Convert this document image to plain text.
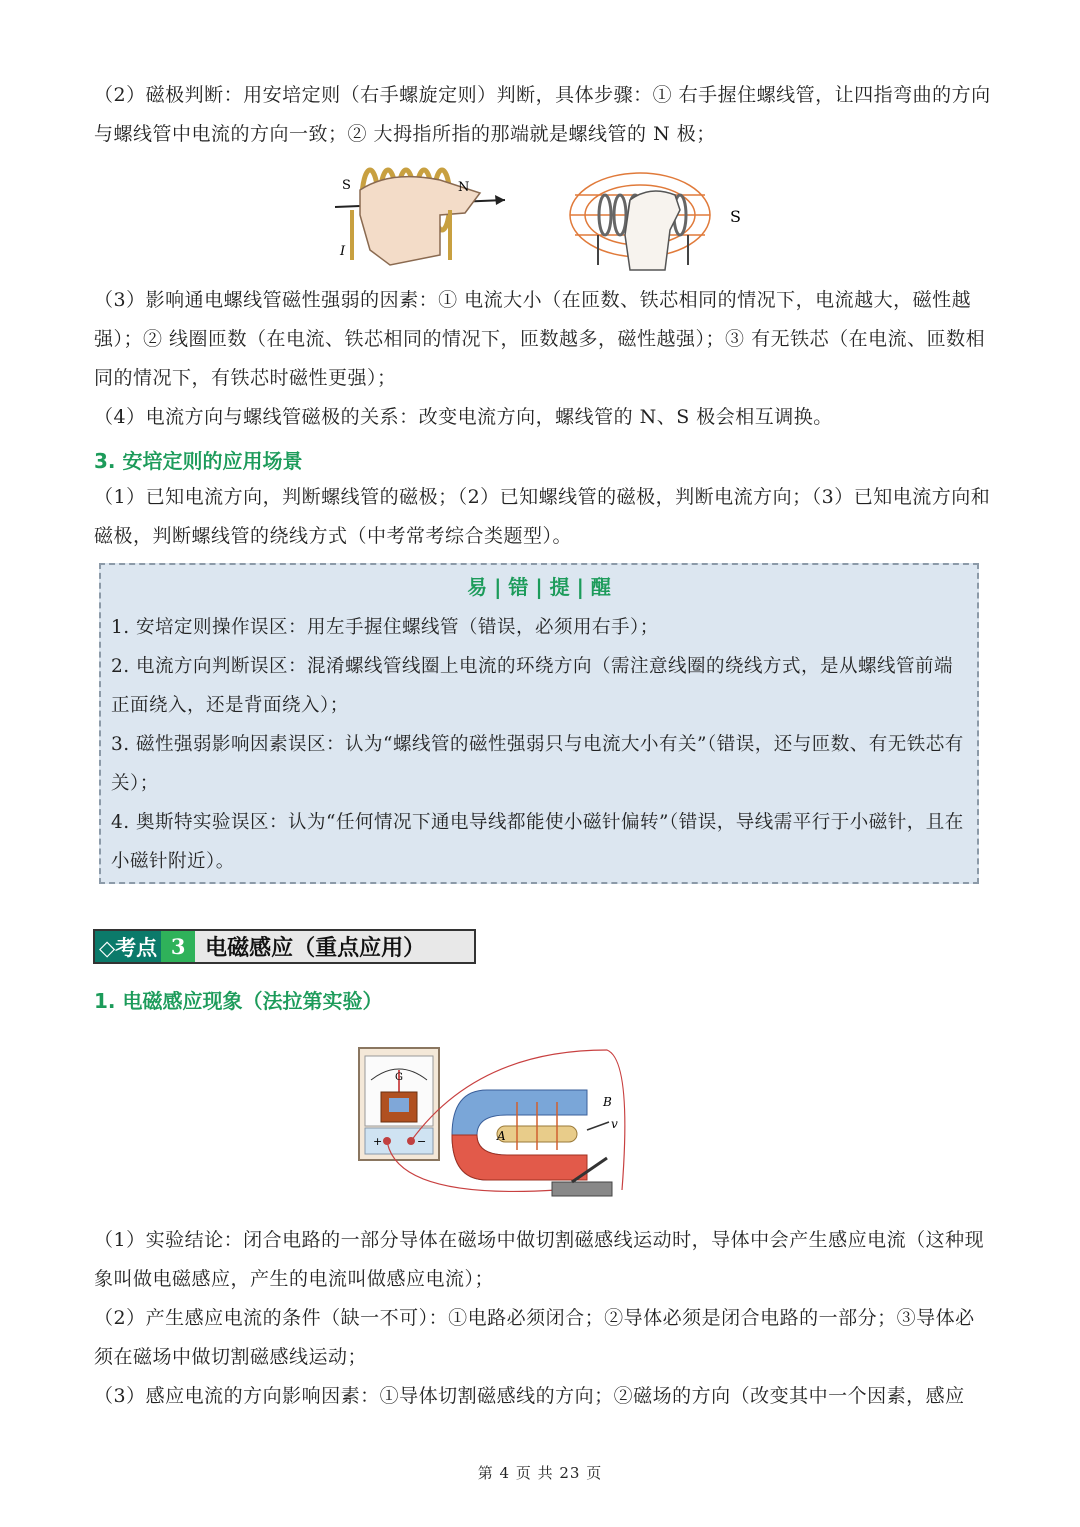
（2）磁极判断：用安培定则（右手螺旋定则）判断，具体步骤：① 右手握住螺线管，让四指弯曲的方向与螺线管中电流的方向一致；② 大拇指所指的那端就是螺线管的 N 极；

S	N
I
S

（3）影响通电螺线管磁性强弱的因素：① 电流大小（在匝数、铁芯相同的情况下，电流越大，磁性越强）；② 线圈匝数（在电流、铁芯相同的情况下，匝数越多，磁性越强）；③ 有无铁芯（在电流、匝数相同的情况下，有铁芯时磁性更强）；

（4）电流方向与螺线管磁极的关系：改变电流方向，螺线管的 N、S 极会相互调换。

3. 安培定则的应用场景

（1）已知电流方向，判断螺线管的磁极；（2）已知螺线管的磁极，判断电流方向；（3）已知电流方向和磁极，判断螺线管的绕线方式（中考常考综合类题型）。

易 | 错 | 提 | 醒

1. 安培定则操作误区：用左手握住螺线管（错误，必须用右手）；

2. 电流方向判断误区：混淆螺线管线圈上电流的环绕方向（需注意线圈的绕线方式，是从螺线管前端正面绕入，还是背面绕入）；

3. 磁性强弱影响因素误区：认为“螺线管的磁性强弱只与电流大小有关”（错误，还与匝数、有无铁芯有关）；

4. 奥斯特实验误区：认为“任何情况下通电导线都能使小磁针偏转”（错误，导线需平行于小磁针，且在小磁针附近）。

◇考点 3 电磁感应（重点应用）

1. 电磁感应现象（法拉第实验）

G
+	−
B
v
A

（1）实验结论：闭合电路的一部分导体在磁场中做切割磁感线运动时，导体中会产生感应电流（这种现象叫做电磁感应，产生的电流叫做感应电流）；

（2）产生感应电流的条件（缺一不可）：①电路必须闭合；②导体必须是闭合电路的一部分；③导体必须在磁场中做切割磁感线运动；

（3）感应电流的方向影响因素：①导体切割磁感线的方向；②磁场的方向（改变其中一个因素，感应

第 4 页 共 23 页
